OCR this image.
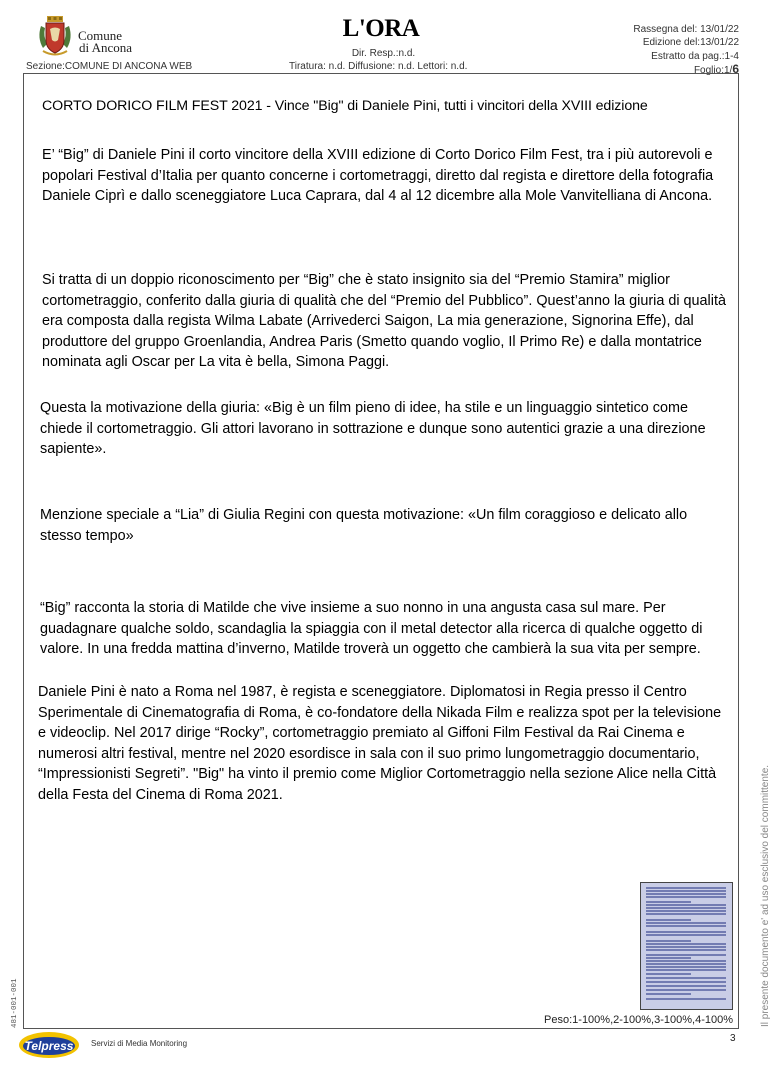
Comune
di Ancona
Sezione:COMUNE DI ANCONA WEB
L'ORA
Dir. Resp.:n.d.
Tiratura: n.d. Diffusione: n.d. Lettori: n.d.
Rassegna del: 13/01/22
Edizione del:13/01/22
Estratto da pag.:1-4
Foglio:1/6
CORTO DORICO FILM FEST 2021 - Vince "Big" di Daniele Pini, tutti i vincitori della XVIII edizione

E’ “Big” di Daniele Pini il corto vincitore della XVIII edizione di Corto Dorico Film Fest, tra i più autorevoli e popolari Festival d’Italia per quanto concerne i cortometraggi, diretto dal regista e direttore della fotografia Daniele Ciprì e dallo sceneggiatore Luca Caprara, dal 4 al 12 dicembre alla Mole Vanvitelliana di Ancona.

Si tratta di un doppio riconoscimento per “Big” che è stato insignito sia del “Premio Stamira” miglior cortometraggio, conferito dalla giuria di qualità che del “Premio del Pubblico”. Quest’anno la giuria di qualità era composta dalla regista Wilma Labate (Arrivederci Saigon, La mia generazione, Signorina Effe), dal produttore del gruppo Groenlandia, Andrea Paris (Smetto quando voglio, Il Primo Re) e dalla montatrice nominata agli Oscar per La vita è bella, Simona Paggi.

Questa la motivazione della giuria: «Big è un film pieno di idee, ha stile e un linguaggio sintetico come chiede il cortometraggio. Gli attori lavorano in sottrazione e dunque sono autentici grazie a una direzione sapiente».

Menzione speciale a “Lia” di Giulia Regini con questa motivazione: «Un film coraggioso e delicato allo stesso tempo»

“Big” racconta la storia di Matilde che vive insieme a suo nonno in una angusta casa sul mare. Per guadagnare qualche soldo, scandaglia la spiaggia con il metal detector alla ricerca di qualche oggetto di valore. In una fredda mattina d’inverno, Matilde troverà un oggetto che cambierà la sua vita per sempre.

Daniele Pini è nato a Roma nel 1987, è regista e sceneggiatore. Diplomatosi in Regia presso il Centro Sperimentale di Cinematografia di Roma, è co-fondatore della Nikada Film e realizza spot per la televisione e videoclip. Nel 2017 dirige “Rocky”, cortometraggio premiato al Giffoni Film Festival da Rai Cinema e numerosi altri festival, mentre nel 2020 esordisce in sala con il suo primo lungometraggio documentario, “Impressionisti Segreti”. "Big" ha vinto il premio come Miglior Cortometraggio nella sezione Alice nella Città della Festa del Cinema di Roma 2021.

Peso:1-100%,2-100%,3-100%,4-100%
3
Il presente documento e' ad uso esclusivo del committente.
481-001-001
Telpress Servizi di Media Monitoring
